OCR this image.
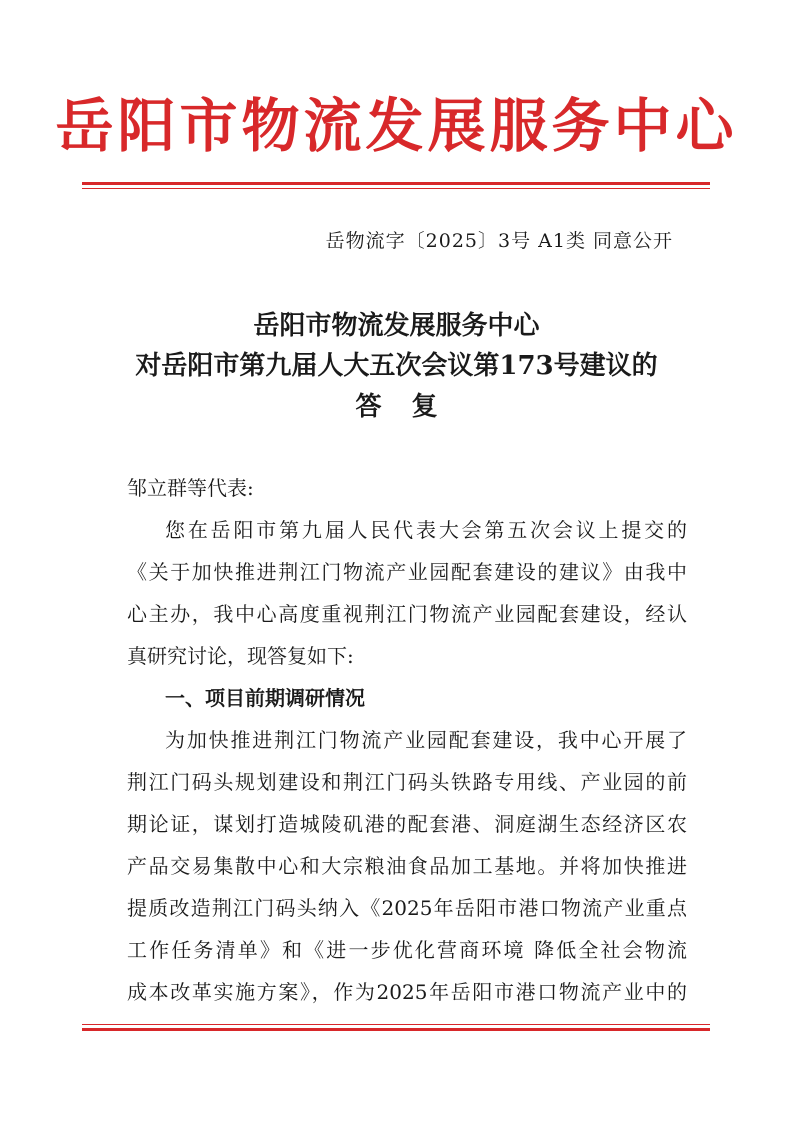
岳阳市物流发展服务中心
岳物流字〔2025〕3号 A1类 同意公开
岳阳市物流发展服务中心
对岳阳市第九届人大五次会议第173号建议的
答复
邹立群等代表:
您在岳阳市第九届人民代表大会第五次会议上提交的
《关于加快推进荆江门物流产业园配套建设的建议》由我中
心主办，我中心高度重视荆江门物流产业园配套建设，经认
真研究讨论，现答复如下:
一、项目前期调研情况
为加快推进荆江门物流产业园配套建设，我中心开展了
荆江门码头规划建设和荆江门码头铁路专用线、产业园的前
期论证，谋划打造城陵矶港的配套港、洞庭湖生态经济区农
产品交易集散中心和大宗粮油食品加工基地。并将加快推进
提质改造荆江门码头纳入《2025年岳阳市港口物流产业重点
工作任务清单》和《进一步优化营商环境 降低全社会物流
成本改革实施方案》，作为2025年岳阳市港口物流产业中的
